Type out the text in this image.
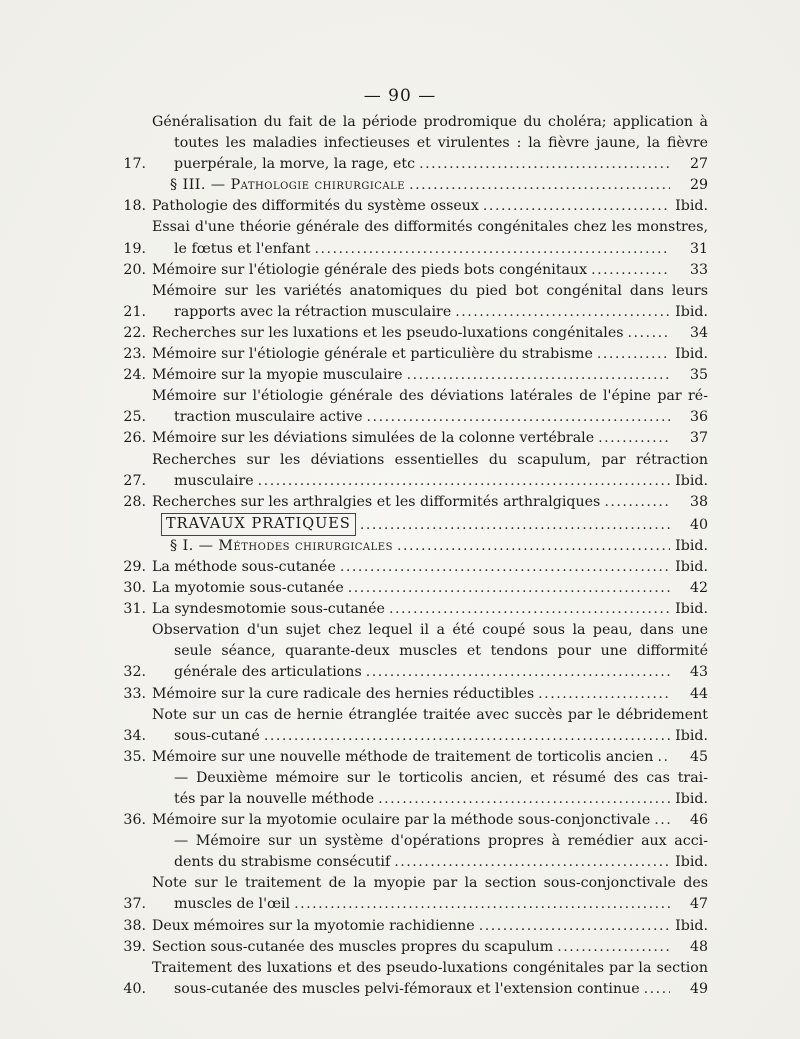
— 90 —
17.
Généralisation du fait de la période prodromique du choléra; application à
toutes les maladies infectieuses et virulentes : la fièvre jaune, la fièvre
puerpérale, la morve, la rage, etc .....	27
§ III. — Pathologie chirurgicale .....	29
18. Pathologie des difformités du système osseux .....	Ibid.
19.
Essai d'une théorie générale des difformités congénitales chez les monstres,
le fœtus et l'enfant .....	31
20. Mémoire sur l'étiologie générale des pieds bots congénitaux .....	33
21.
Mémoire sur les variétés anatomiques du pied bot congénital dans leurs
rapports avec la rétraction musculaire .....	Ibid.
22. Recherches sur les luxations et les pseudo-luxations congénitales .....	34
23. Mémoire sur l'étiologie générale et particulière du strabisme .....	Ibid.
24. Mémoire sur la myopie musculaire .....	35
25.
Mémoire sur l'étiologie générale des déviations latérales de l'épine par ré-
traction musculaire active .....	36
26. Mémoire sur les déviations simulées de la colonne vertébrale .....	37
27.
Recherches sur les déviations essentielles du scapulum, par rétraction
musculaire .....	Ibid.
28. Recherches sur les arthralgies et les difformités arthralgiques .....	38
TRAVAUX PRATIQUES .....	40
§ I. — Méthodes chirurgicales .....	Ibid.
29. La méthode sous-cutanée .....	Ibid.
30. La myotomie sous-cutanée .....	42
31. La syndesmotomie sous-cutanée .....	Ibid.
32.
Observation d'un sujet chez lequel il a été coupé sous la peau, dans une
seule séance, quarante-deux muscles et tendons pour une difformité
générale des articulations .....	43
33. Mémoire sur la cure radicale des hernies réductibles .....	44
34.
Note sur un cas de hernie étranglée traitée avec succès par le débridement
sous-cutané .....	Ibid.
35. Mémoire sur une nouvelle méthode de traitement de torticolis ancien .....	45
— Deuxième mémoire sur le torticolis ancien, et résumé des cas trai-
tés par la nouvelle méthode .....	Ibid.
36. Mémoire sur la myotomie oculaire par la méthode sous-conjonctivale .....	46
— Mémoire sur un système d'opérations propres à remédier aux acci-
dents du strabisme consécutif .....	Ibid.
37.
Note sur le traitement de la myopie par la section sous-conjonctivale des
muscles de l'œil .....	47
38. Deux mémoires sur la myotomie rachidienne .....	Ibid.
39. Section sous-cutanée des muscles propres du scapulum .....	48
40.
Traitement des luxations et des pseudo-luxations congénitales par la section
sous-cutanée des muscles pelvi-fémoraux et l'extension continue .....	49
